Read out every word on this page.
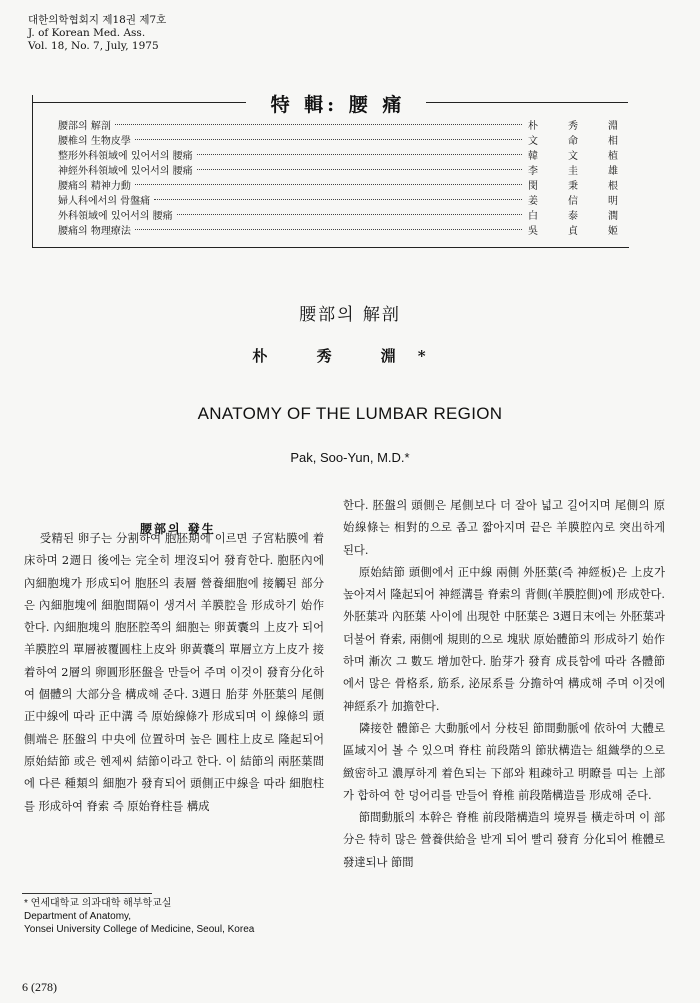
대한의학협회지 제18권 제7호
J. of Korean Med. Ass.
Vol. 18, No. 7, July, 1975
特 輯: 腰 痛
腰部의 解剖	朴	秀	淵
腰椎의 生物皮學	文	命	相
整形外科領域에 있어서의 腰痛	韓	文	植
神經外科領域에 있어서의 腰痛	李	圭	雄
腰痛의 精神力動	閔	秉	根
婦人科에서의 骨盤痛	姜	信	明
外科領域에 있어서의 腰痛	白	泰	潤
腰痛의 物理療法	吳	貞	姬
腰部의 解剖
朴 秀 淵*
ANATOMY OF THE LUMBAR REGION
Pak, Soo-Yun, M.D.*
腰部의 發生

受精된 卵子는 分割하여 胞胚期에 이르면 子宮粘膜에 着床하며 2週日 後에는 完全히 埋沒되어 發育한다. 胞胚內에 內細胞塊가 形成되어 胞胚의 表層 營養細胞에 接觸된 部分은 內細胞塊에 細胞間隔이 생겨서 羊膜腔을 形成하기 始作한다. 內細胞塊의 胞胚腔쪽의 細胞는 卵黃囊의 上皮가 되어 羊膜腔의 單層被覆圓柱上皮와 卵黃囊의 單層立方上皮가 接着하여 2層의 卵圓形胚盤을 만들어 주며 이것이 發育分化하여 個體의 大部分을 構成해 준다. 3週日 胎芽 外胚葉의 尾側正中線에 따라 正中溝 즉 原始線條가 形成되며 이 線條의 頭側端은 胚盤의 中央에 位置하며 높은 圓柱上皮로 隆起되어 原始結節 或은 헨제씨 結節이라고 한다. 이 結節의 兩胚葉間에 다른 種類의 細胞가 發育되어 頭側正中線을 따라 細胞柱를 形成하여 脊索 즉 原始脊柱를 構成

한다. 胚盤의 頭側은 尾側보다 더 잘아 넓고 길어지며 尾側의 原始線條는 相對的으로 좁고 짧아지며 끝은 羊膜腔內로 突出하게 된다.

原始結節 頭側에서 正中線 兩側 外胚葉(즉 神經板)은 上皮가 높아져서 隆起되어 神經溝를 脊索의 背側(羊膜腔側)에 形成한다. 外胚葉과 內胚葉 사이에 出現한 中胚葉은 3週日末에는 外胚葉과 더불어 脊索, 兩側에 規則的으로 塊狀 原始體節의 形成하기 始作하며 漸次 그 數도 增加한다. 胎芽가 發育 成長함에 따라 各體節에서 많은 骨格系, 筋系, 泌尿系를 分擔하여 構成해 주며 이것에 神經系가 加擔한다.

隣接한 體節은 大動脈에서 分枝된 節間動脈에 依하여 大體로 區域지어 볼 수 있으며 脊柱 前段階의 節狀構造는 組織學的으로 緻密하고 濃厚하게 着色되는 下部와 粗疎하고 明瞭를 띠는 上部가 합하여 한 덩어리를 만들어 脊椎 前段階構造를 形成해 준다.

節間動脈의 本幹은 脊椎 前段階構造의 境界를 橫走하며 이 部分은 特히 많은 營養供給을 받게 되어 빨리 發育 分化되어 椎體로 發達되나 節間

* 연세대학교 의과대학 해부학교실
Department of Anatomy,
Yonsei University College of Medicine, Seoul, Korea
6 (278)
